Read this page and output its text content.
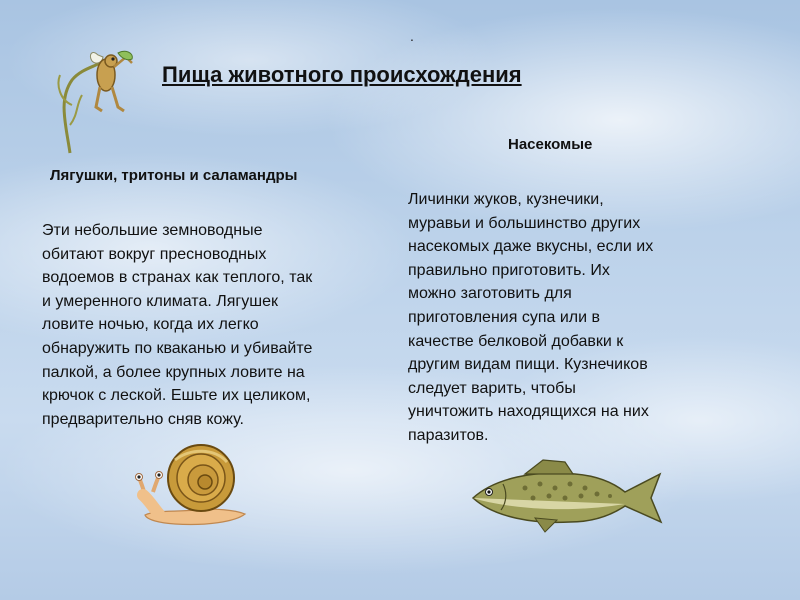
.
Пища животного происхождения
Лягушки, тритоны и саламандры
Насекомые
Эти небольшие земноводные
обитают вокруг пресноводных
водоемов в странах как теплого, так
и умеренного климата. Лягушек
ловите ночью, когда их легко
обнаружить по кваканью и убивайте
палкой, а более крупных ловите на
крючок с леской. Ешьте их целиком,
предварительно сняв кожу.
Личинки жуков, кузнечики,
муравьи и большинство других
насекомых даже вкусны, если их
правильно приготовить. Их
можно заготовить для
приготовления супа или в
качестве белковой добавки к
другим видам пищи. Кузнечиков
следует варить, чтобы
уничтожить находящихся на них
паразитов.
